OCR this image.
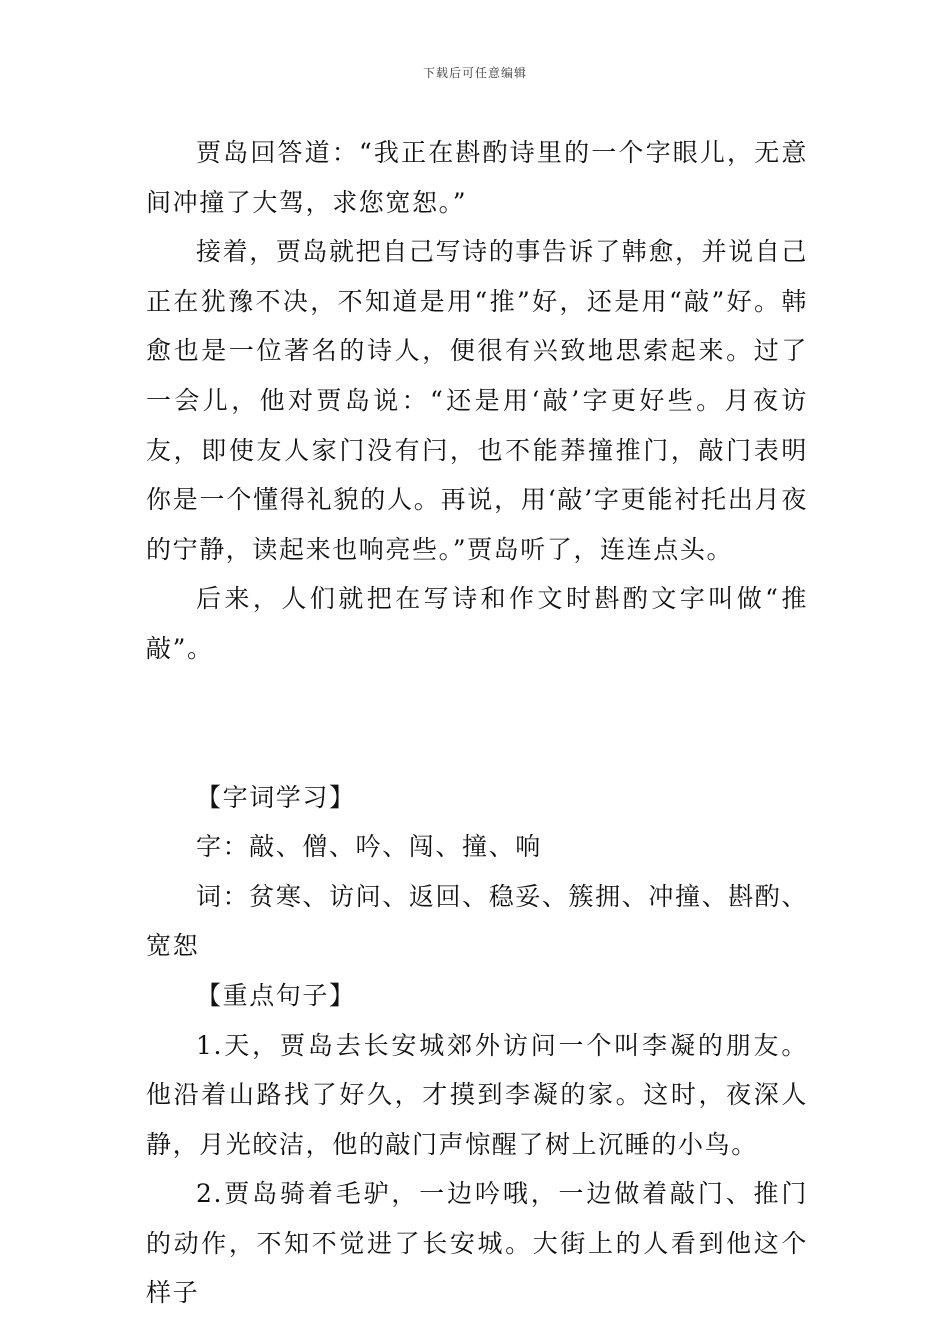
下载后可任意编辑

贾岛回答道：“我正在斟酌诗里的一个字眼儿，无意间冲撞了大驾，求您宽恕。”

接着，贾岛就把自己写诗的事告诉了韩愈，并说自己正在犹豫不决，不知道是用“推”好，还是用“敲”好。韩愈也是一位著名的诗人，便很有兴致地思索起来。过了一会儿，他对贾岛说：“还是用‘敲’字更好些。月夜访友，即使友人家门没有闩，也不能莽撞推门，敲门表明你是一个懂得礼貌的人。再说，用‘敲’字更能衬托出月夜的宁静，读起来也响亮些。”贾岛听了，连连点头。

后来，人们就把在写诗和作文时斟酌文字叫做“推敲”。

【字词学习】

字：敲、僧、吟、闯、撞、响

词：贫寒、访问、返回、稳妥、簇拥、冲撞、斟酌、宽恕

【重点句子】

1.天，贾岛去长安城郊外访问一个叫李凝的朋友。他沿着山路找了好久，才摸到李凝的家。这时，夜深人静，月光皎洁，他的敲门声惊醒了树上沉睡的小鸟。

2.贾岛骑着毛驴，一边吟哦，一边做着敲门、推门的动作，不知不觉进了长安城。大街上的人看到他这个样子
